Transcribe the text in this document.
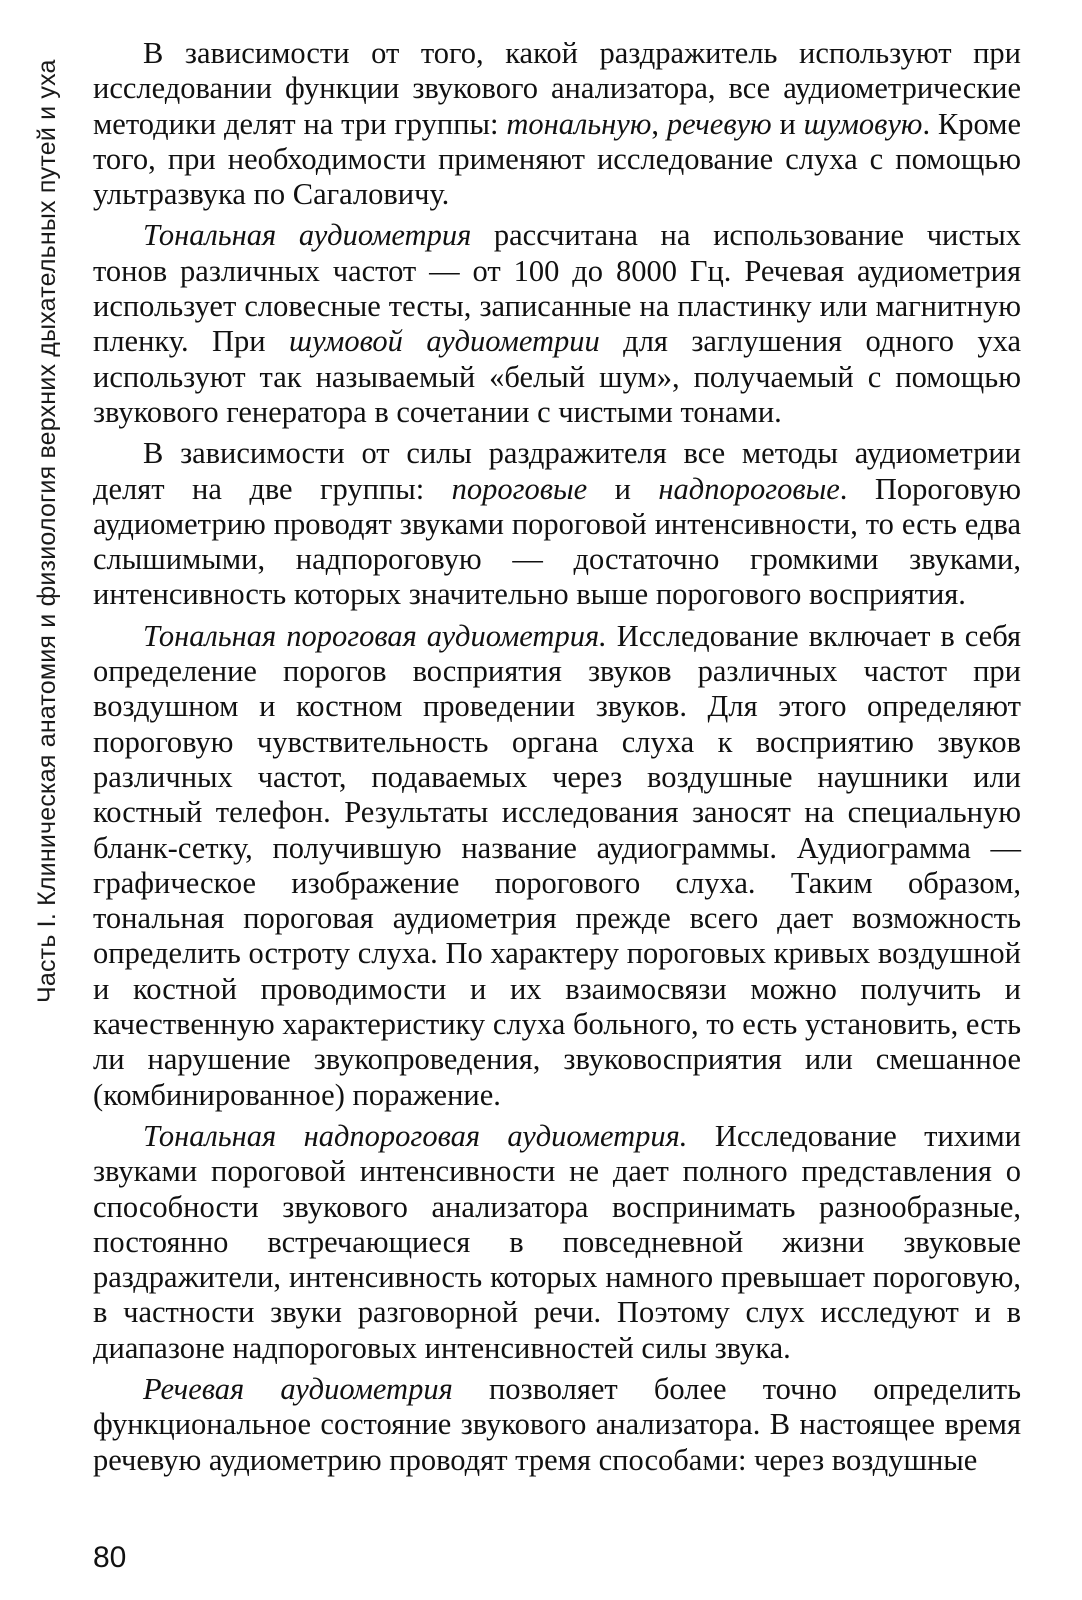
Часть I. Клиническая анатомия и физиология верхних дыхательных путей и уха

В зависимости от того, какой раздражитель используют при исследовании функции звукового анализатора, все аудиометрические методики делят на три группы: тональную, речевую и шумовую. Кроме того, при необходимости применяют исследование слуха с помощью ультразвука по Сагаловичу.

Тональная аудиометрия рассчитана на использование чистых тонов различных частот — от 100 до 8000 Гц. Речевая аудиометрия использует словесные тесты, записанные на пластинку или магнитную пленку. При шумовой аудиометрии для заглушения одного уха используют так называемый «белый шум», получаемый с помощью звукового генератора в сочетании с чистыми тонами.

В зависимости от силы раздражителя все методы аудиометрии делят на две группы: пороговые и надпороговые. Пороговую аудиометрию проводят звуками пороговой интенсивности, то есть едва слышимыми, надпороговую — достаточно громкими звуками, интенсивность которых значительно выше порогового восприятия.

Тональная пороговая аудиометрия. Исследование включает в себя определение порогов восприятия звуков различных частот при воздушном и костном проведении звуков. Для этого определяют пороговую чувствительность органа слуха к восприятию звуков различных частот, подаваемых через воздушные наушники или костный телефон. Результаты исследования заносят на специальную бланк-сетку, получившую название аудиограммы. Аудиограмма — графическое изображение порогового слуха. Таким образом, тональная пороговая аудиометрия прежде всего дает возможность определить остроту слуха. По характеру пороговых кривых воздушной и костной проводимости и их взаимосвязи можно получить и качественную характеристику слуха больного, то есть установить, есть ли нарушение звукопроведения, звуковосприятия или смешанное (комбинированное) поражение.

Тональная надпороговая аудиометрия. Исследование тихими звуками пороговой интенсивности не дает полного представления о способности звукового анализатора воспринимать разнообразные, постоянно встречающиеся в повседневной жизни звуковые раздражители, интенсивность которых намного превышает пороговую, в частности звуки разговорной речи. Поэтому слух исследуют и в диапазоне надпороговых интенсивностей силы звука.

Речевая аудиометрия позволяет более точно определить функциональное состояние звукового анализатора. В настоящее время речевую аудиометрию проводят тремя способами: через воздушные

80
